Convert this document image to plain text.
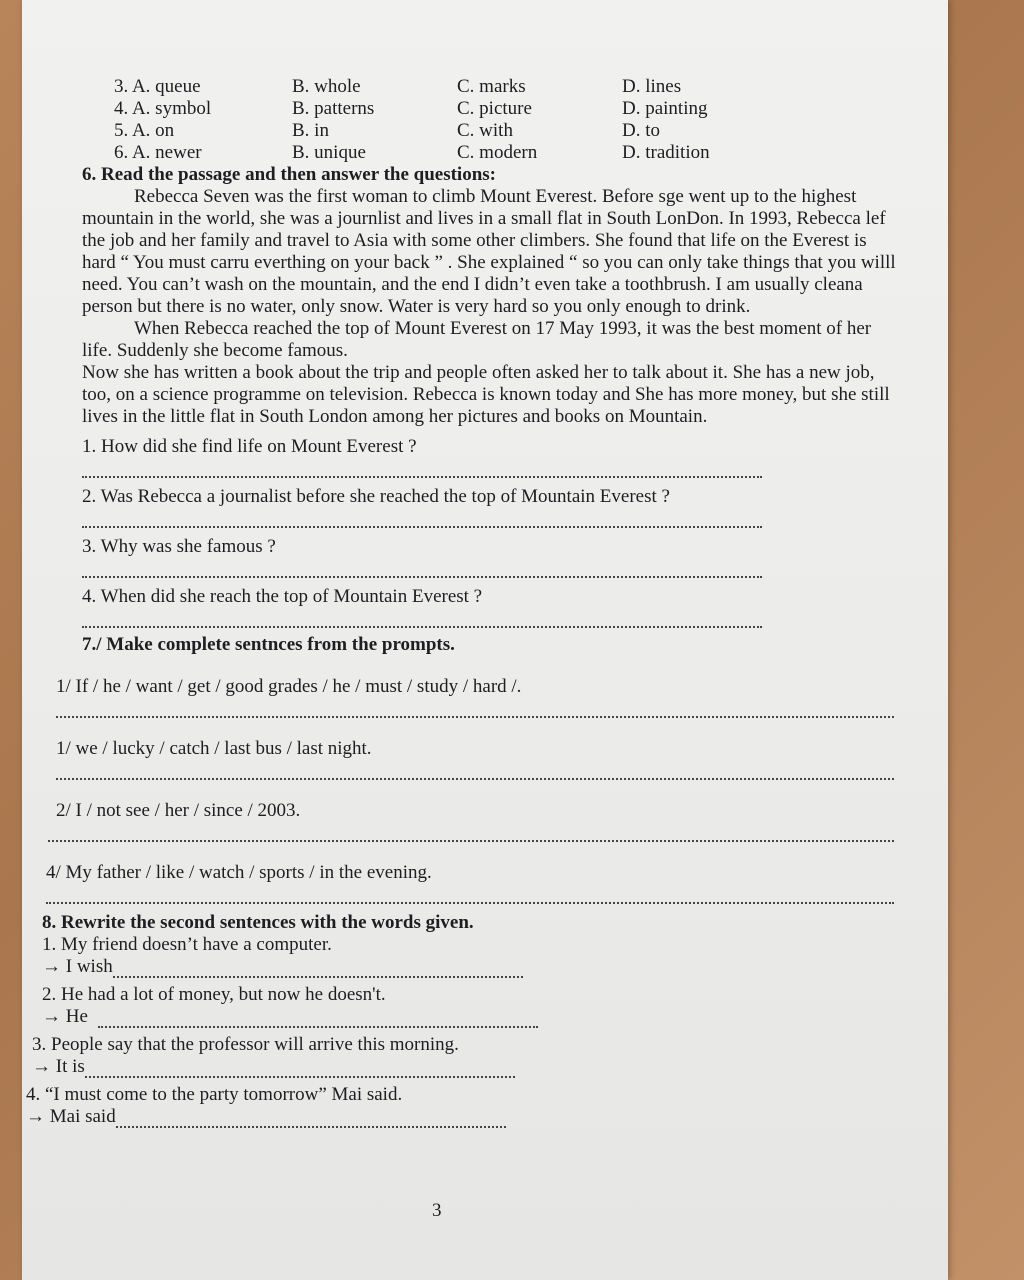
3. A. queue	B. whole	C. marks	D. lines
4. A. symbol	B. patterns	C. picture	D. painting
5. A. on	B. in	C. with	D. to
6. A. newer	B. unique	C. modern	D. tradition
6. Read the passage and then answer the questions:

Rebecca Seven was the first woman to climb Mount Everest. Before sge went up to the highest mountain in the world, she was a journlist and lives in a small flat in South LonDon. In 1993, Rebecca lef the job and her family and travel to Asia with some other climbers. She found that life on the Everest is hard “ You must carru everthing on your back ” . She explained “ so you can only take things that you willl need. You can’t wash on the mountain, and the end I didn’t even take a toothbrush. I am usually cleana person but there is no water, only snow. Water is very hard so you only enough to drink.

When Rebecca reached the top of Mount Everest on 17 May 1993, it was the best moment of her life. Suddenly she become famous.

Now she has written a book about the trip and people often asked her to talk about it. She has a new job, too, on a science programme on television. Rebecca is known today and She has more money, but she still lives in the little flat in South London among her pictures and books on Mountain.

1. How did she find life on Mount Everest ?
2. Was Rebecca a journalist before she reached the top of Mountain Everest ?
3. Why was she famous ?
4. When did she reach the top of Mountain Everest ?
7./ Make complete sentnces from the prompts.
1/ If / he / want / get / good grades / he / must / study / hard /.
1/ we / lucky / catch / last bus / last night.
2/ I / not see / her / since / 2003.
4/ My father / like / watch / sports / in the evening.
8. Rewrite the second sentences with the words given.
1. My friend doesn’t have a computer.
→ I wish
2. He had a lot of money, but now he doesn't.
→ He
3. People say that the professor will arrive this morning.
→ It is
4. “I must come to the party tomorrow” Mai said.
→ Mai said
3
